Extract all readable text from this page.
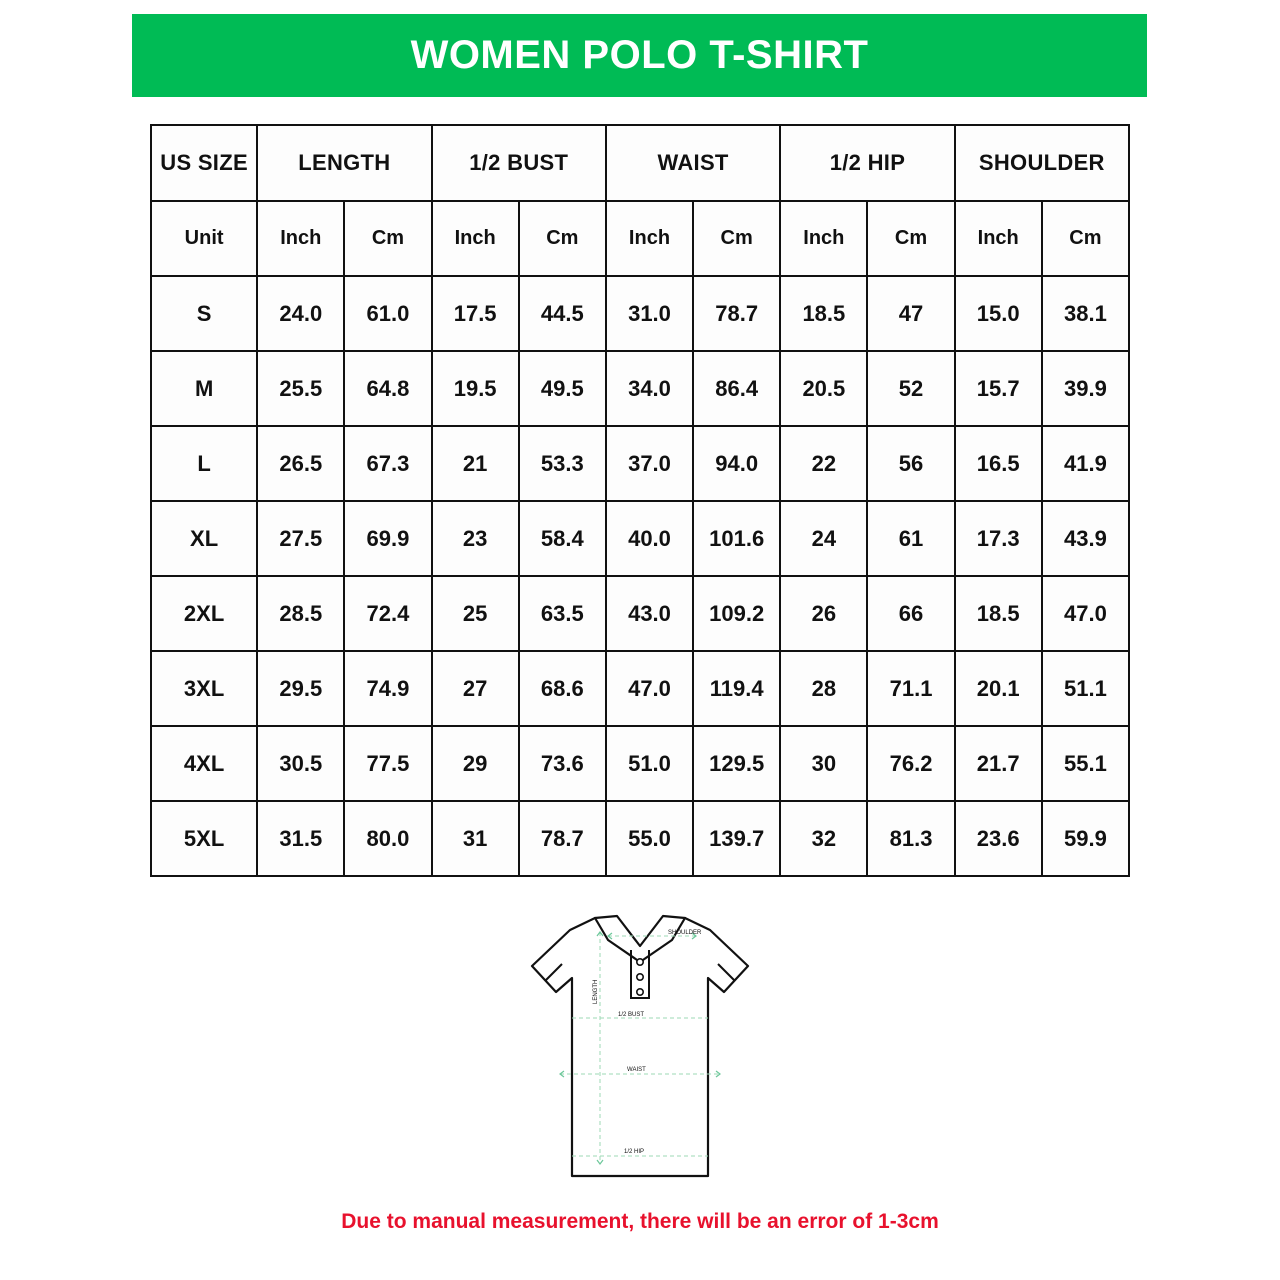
WOMEN POLO T-SHIRT
US SIZE	LENGTH		1/2 BUST		WAIST		1/2 HIP		SHOULDER	
Unit	Inch	Cm	Inch	Cm	Inch	Cm	Inch	Cm	Inch	Cm
S	24.0	61.0	17.5	44.5	31.0	78.7	18.5	47	15.0	38.1
M	25.5	64.8	19.5	49.5	34.0	86.4	20.5	52	15.7	39.9
L	26.5	67.3	21	53.3	37.0	94.0	22	56	16.5	41.9
XL	27.5	69.9	23	58.4	40.0	101.6	24	61	17.3	43.9
2XL	28.5	72.4	25	63.5	43.0	109.2	26	66	18.5	47.0
3XL	29.5	74.9	27	68.6	47.0	119.4	28	71.1	20.1	51.1
4XL	30.5	77.5	29	73.6	51.0	129.5	30	76.2	21.7	55.1
5XL	31.5	80.0	31	78.7	55.0	139.7	32	81.3	23.6	59.9
SHOULDER
LENGTH
1/2 BUST
WAIST
1/2 HIP
Due to manual measurement, there will be an error of 1-3cm
